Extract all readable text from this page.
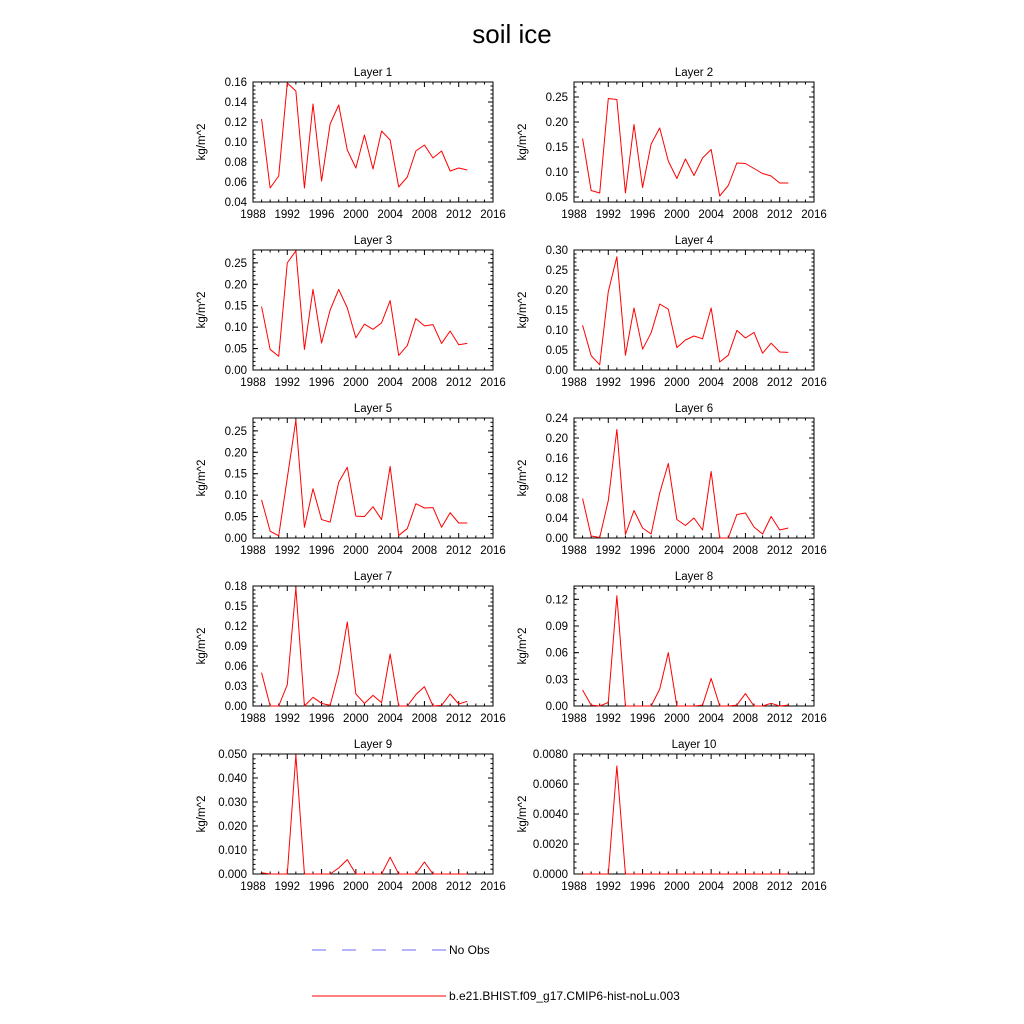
soil ice
Layer 1
kg/m^2
1988 1992 1996 2000 2004 2008 2012 2016
0.04
0.06
0.08
0.10
0.12
0.14
0.16
Layer 2
kg/m^2
1988 1992 1996 2000 2004 2008 2012 2016
0.05
0.10
0.15
0.20
0.25
Layer 3
kg/m^2
1988 1992 1996 2000 2004 2008 2012 2016
0.00
0.05
0.10
0.15
0.20
0.25
Layer 4
kg/m^2
1988 1992 1996 2000 2004 2008 2012 2016
0.00
0.05
0.10
0.15
0.20
0.25
0.30
Layer 5
kg/m^2
1988 1992 1996 2000 2004 2008 2012 2016
0.00
0.05
0.10
0.15
0.20
0.25
Layer 6
kg/m^2
1988 1992 1996 2000 2004 2008 2012 2016
0.00
0.04
0.08
0.12
0.16
0.20
0.24
Layer 7
kg/m^2
1988 1992 1996 2000 2004 2008 2012 2016
0.00
0.03
0.06
0.09
0.12
0.15
0.18
Layer 8
kg/m^2
1988 1992 1996 2000 2004 2008 2012 2016
0.00
0.03
0.06
0.09
0.12
Layer 9
kg/m^2
1988 1992 1996 2000 2004 2008 2012 2016
0.000
0.010
0.020
0.030
0.040
0.050
Layer 10
kg/m^2
1988 1992 1996 2000 2004 2008 2012 2016
0.0000
0.0020
0.0040
0.0060
0.0080
No Obs
b.e21.BHIST.f09_g17.CMIP6-hist-noLu.003
